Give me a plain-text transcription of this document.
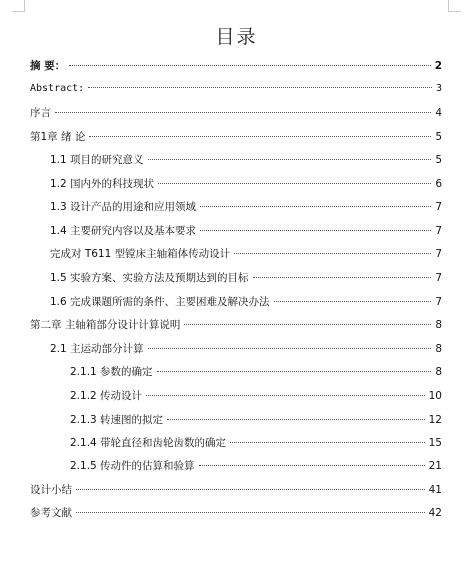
目录
摘 要：	2
Abstract:	3
序言	4
第1章 绪 论	5
1.1 项目的研究意义	5
1.2 国内外的科技现状	6
1.3 设计产品的用途和应用领域	7
1.4 主要研究内容以及基本要求	7
完成对 T611 型镗床主轴箱体传动设计	7
1.5 实验方案、实验方法及预期达到的目标	7
1.6 完成课题所需的条件、主要困难及解决办法	7
第二章 主轴箱部分设计计算说明	8
2.1 主运动部分计算	8
2.1.1 参数的确定	8
2.1.2 传动设计	10
2.1.3 转速图的拟定	12
2.1.4 带轮直径和齿轮齿数的确定	15
2.1.5 传动件的估算和验算	21
设计小结	41
参考文献	42
